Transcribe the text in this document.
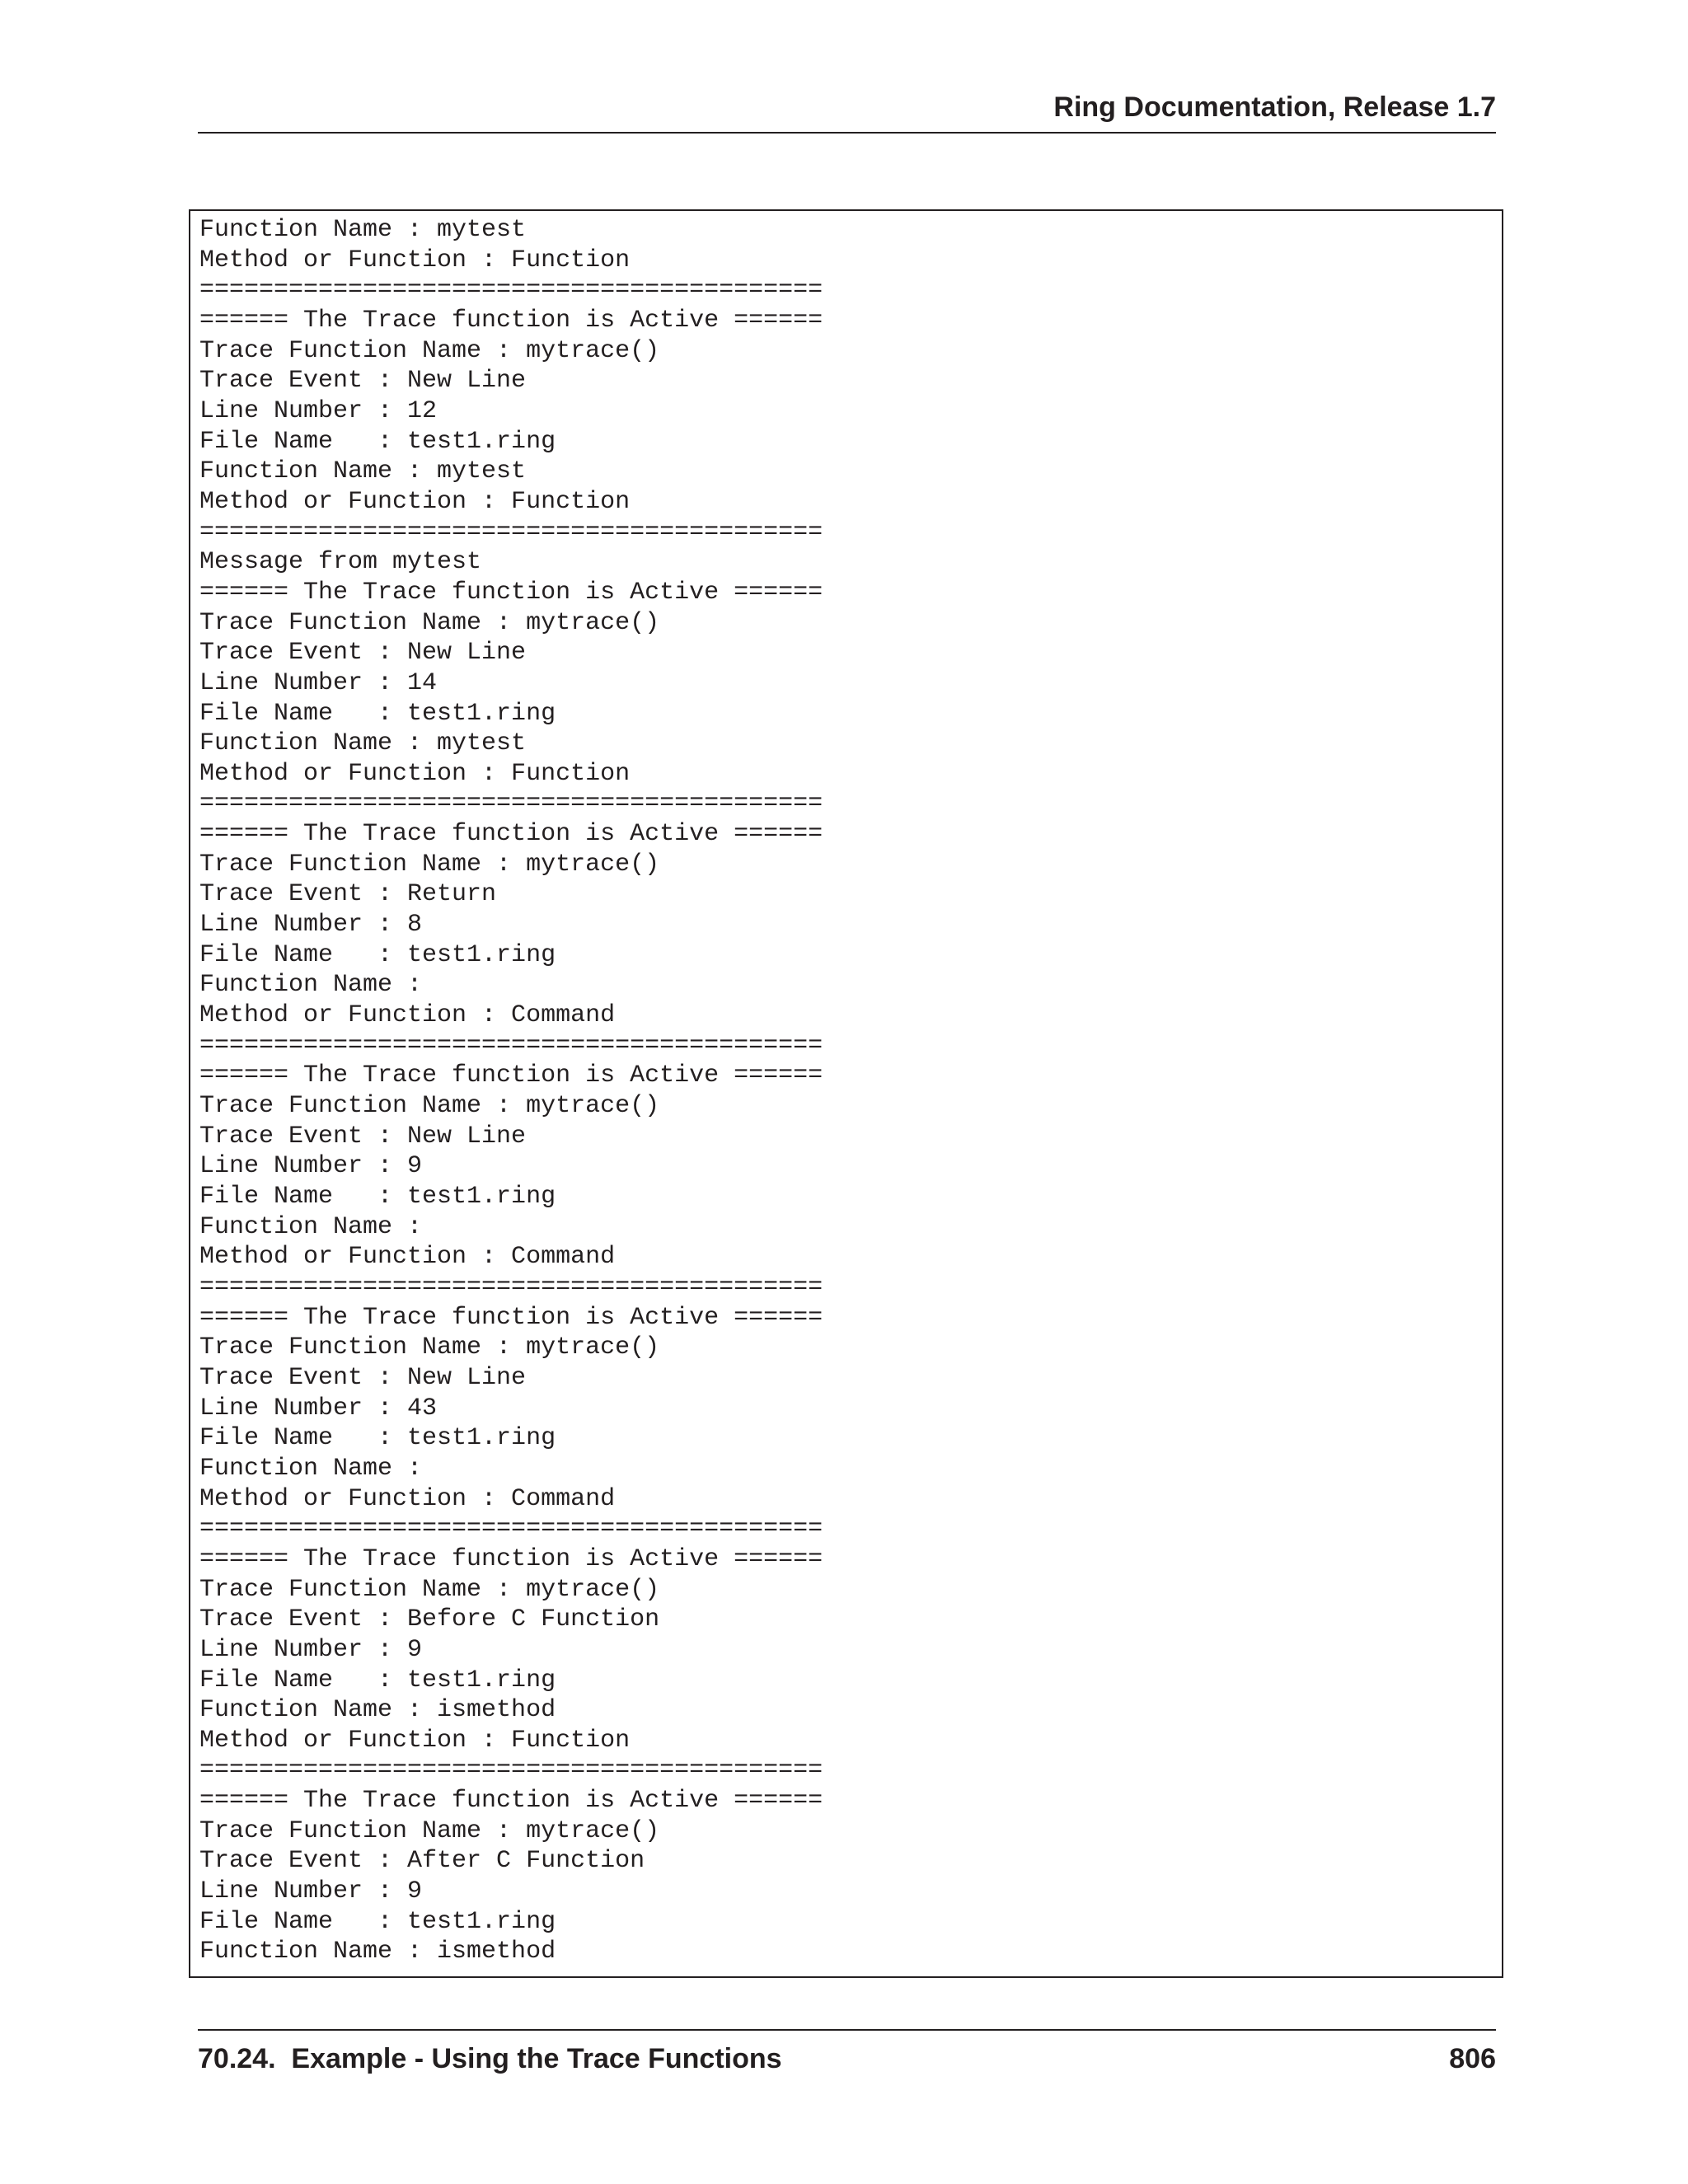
Ring Documentation, Release 1.7
Function Name : mytest
Method or Function : Function
==========================================
====== The Trace function is Active ======
Trace Function Name : mytrace()
Trace Event : New Line
Line Number : 12
File Name   : test1.ring
Function Name : mytest
Method or Function : Function
==========================================
Message from mytest
====== The Trace function is Active ======
Trace Function Name : mytrace()
Trace Event : New Line
Line Number : 14
File Name   : test1.ring
Function Name : mytest
Method or Function : Function
==========================================
====== The Trace function is Active ======
Trace Function Name : mytrace()
Trace Event : Return
Line Number : 8
File Name   : test1.ring
Function Name :
Method or Function : Command
==========================================
====== The Trace function is Active ======
Trace Function Name : mytrace()
Trace Event : New Line
Line Number : 9
File Name   : test1.ring
Function Name :
Method or Function : Command
==========================================
====== The Trace function is Active ======
Trace Function Name : mytrace()
Trace Event : New Line
Line Number : 43
File Name   : test1.ring
Function Name :
Method or Function : Command
==========================================
====== The Trace function is Active ======
Trace Function Name : mytrace()
Trace Event : Before C Function
Line Number : 9
File Name   : test1.ring
Function Name : ismethod
Method or Function : Function
==========================================
====== The Trace function is Active ======
Trace Function Name : mytrace()
Trace Event : After C Function
Line Number : 9
File Name   : test1.ring
Function Name : ismethod
70.24.  Example - Using the Trace Functions	806
